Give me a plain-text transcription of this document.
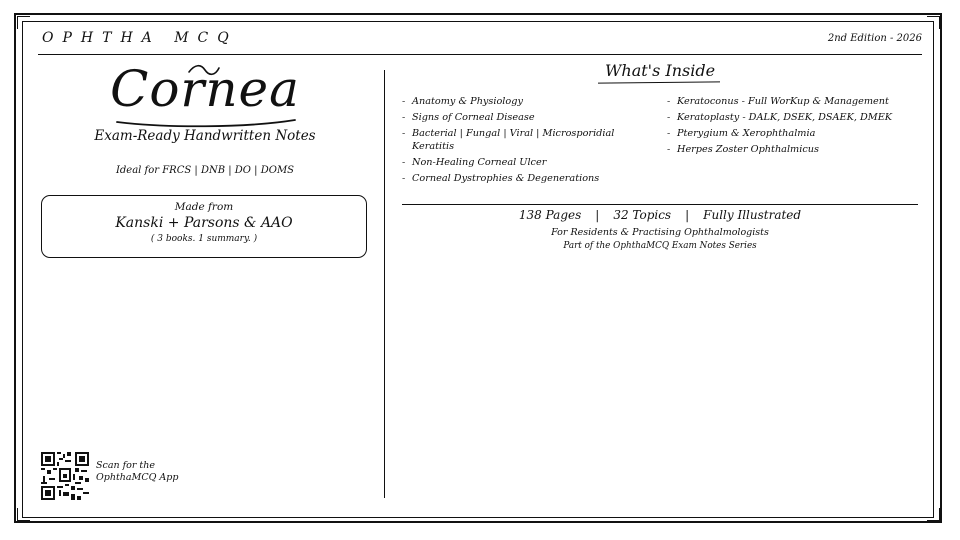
OPHTHA MCQ	2nd Edition - 2026
Cornea
Exam-Ready Handwritten Notes
Ideal for FRCS | DNB | DO | DOMS
Made from
Kanski + Parsons & AAO
( 3 books. 1 summary. )
Scan for the
OphthaMCQ App
What's Inside
- Anatomy & Physiology
- Signs of Corneal Disease
- Bacterial | Fungal | Viral | Microsporidial Keratitis
- Non-Healing Corneal Ulcer
- Corneal Dystrophies & Degenerations
- Keratoconus - Full WorKup & Management
- Keratoplasty - DALK, DSEK, DSAEK, DMEK
- Pterygium & Xerophthalmia
- Herpes Zoster Ophthalmicus
138 Pages | 32 Topics | Fully Illustrated
For Residents & Practising Ophthalmologists
Part of the OphthaMCQ Exam Notes Series
